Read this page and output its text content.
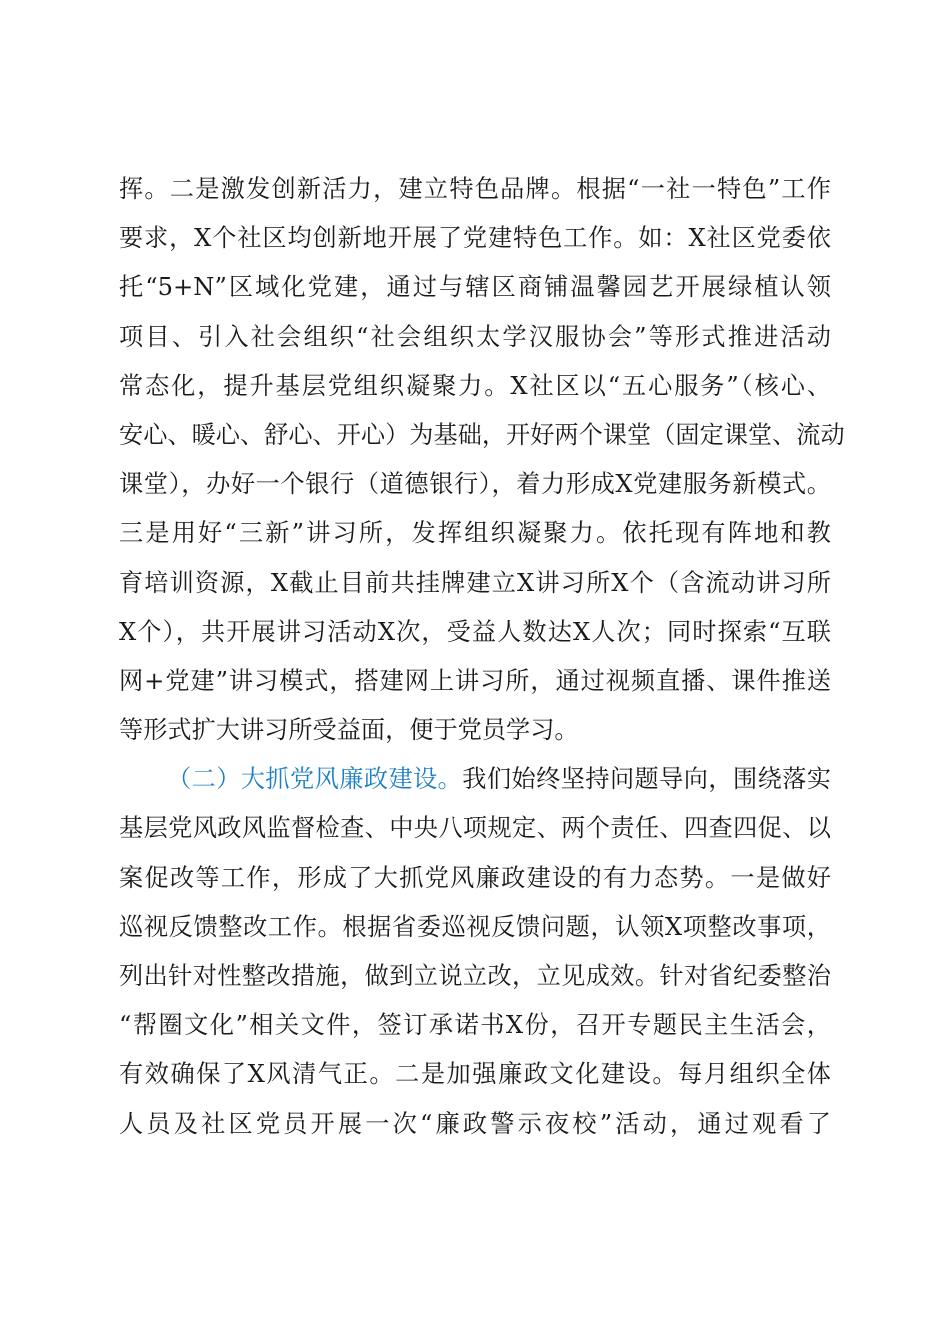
挥。二是激发创新活力，建立特色品牌。根据“一社一特色”工作
要求，X个社区均创新地开展了党建特色工作。如：X社区党委依
托“5+N”区域化党建，通过与辖区商铺温馨园艺开展绿植认领
项目、引入社会组织“社会组织太学汉服协会”等形式推进活动
常态化，提升基层党组织凝聚力。X社区以“五心服务”（核心、
安心、暖心、舒心、开心）为基础，开好两个课堂（固定课堂、流动
课堂），办好一个银行（道德银行），着力形成X党建服务新模式。
三是用好“三新”讲习所，发挥组织凝聚力。依托现有阵地和教
育培训资源，X截止目前共挂牌建立X讲习所X个（含流动讲习所
X个），共开展讲习活动X次，受益人数达X人次；同时探索“互联
网+党建”讲习模式，搭建网上讲习所，通过视频直播、课件推送
等形式扩大讲习所受益面，便于党员学习。
（二）大抓党风廉政建设。我们始终坚持问题导向，围绕落实
基层党风政风监督检查、中央八项规定、两个责任、四查四促、以
案促改等工作，形成了大抓党风廉政建设的有力态势。一是做好
巡视反馈整改工作。根据省委巡视反馈问题，认领X项整改事项，
列出针对性整改措施，做到立说立改，立见成效。针对省纪委整治
“帮圈文化”相关文件，签订承诺书X份，召开专题民主生活会，
有效确保了X风清气正。二是加强廉政文化建设。每月组织全体
人员及社区党员开展一次“廉政警示夜校”活动，通过观看了
